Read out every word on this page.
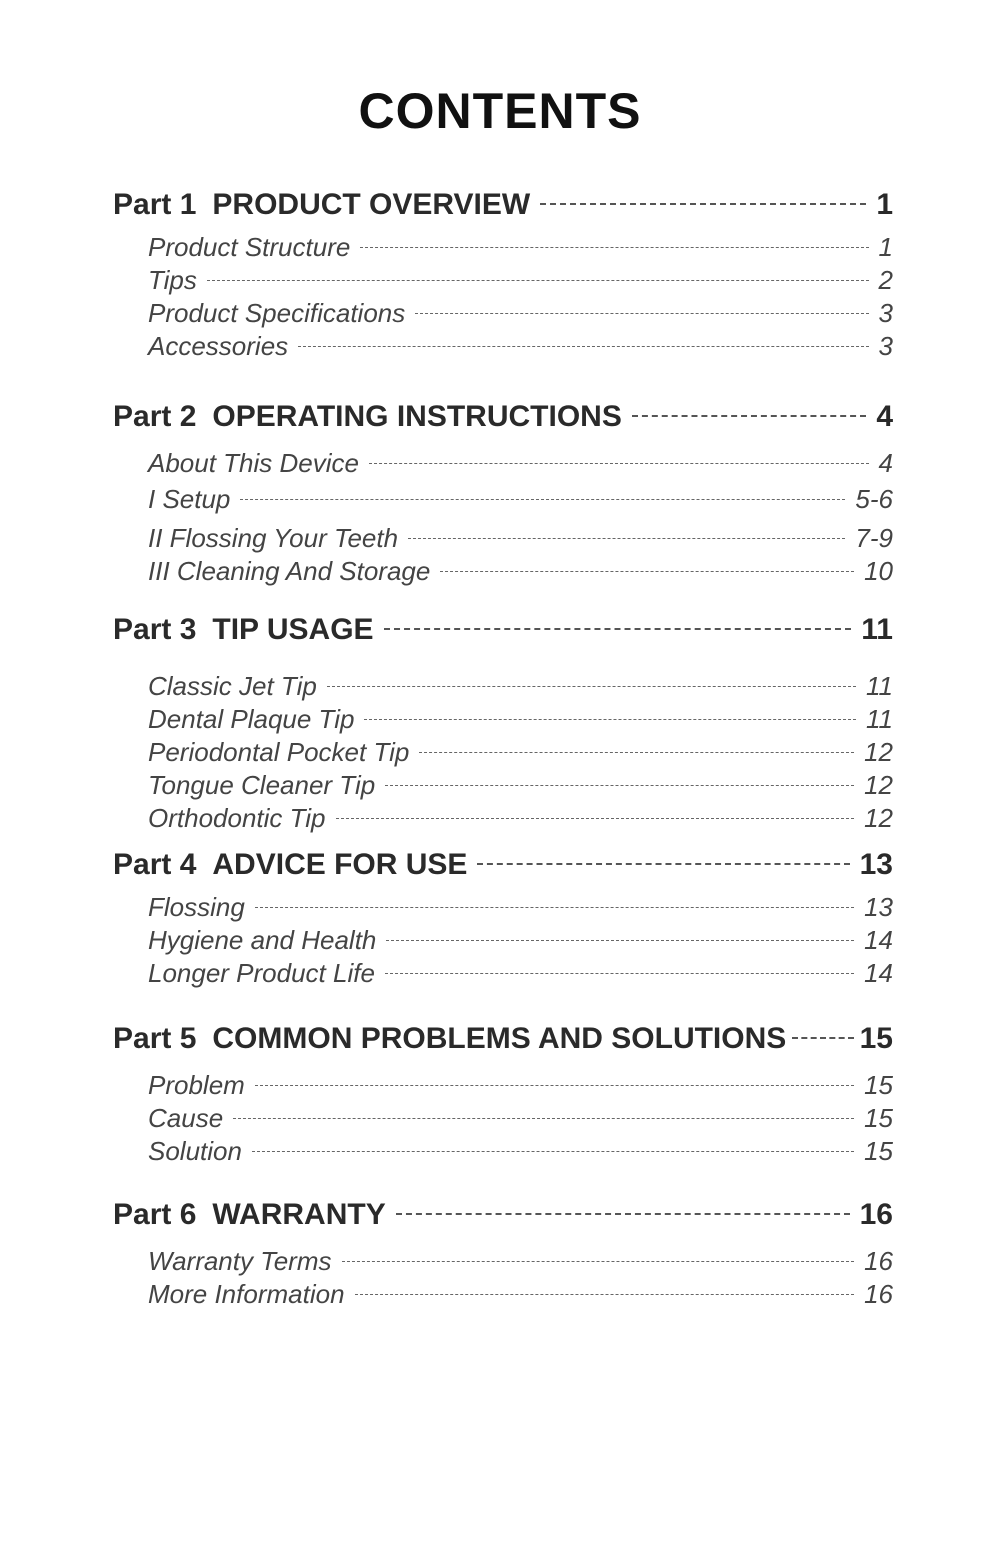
CONTENTS
Part 1 PRODUCT OVERVIEW	1
Product Structure	1
Tips	2
Product Specifications	3
Accessories	3
Part 2 OPERATING INSTRUCTIONS	4
About This Device	4
I Setup	5-6
II Flossing Your Teeth	7-9
III Cleaning And Storage	10
Part 3 TIP USAGE	11
Classic Jet Tip	11
Dental Plaque Tip	11
Periodontal Pocket Tip	12
Tongue Cleaner Tip	12
Orthodontic Tip	12
Part 4 ADVICE FOR USE	13
Flossing	13
Hygiene and Health	14
Longer Product Life	14
Part 5 COMMON PROBLEMS AND SOLUTIONS 15
Problem	15
Cause	15
Solution	15
Part 6 WARRANTY	16
Warranty Terms	16
More Information	16
